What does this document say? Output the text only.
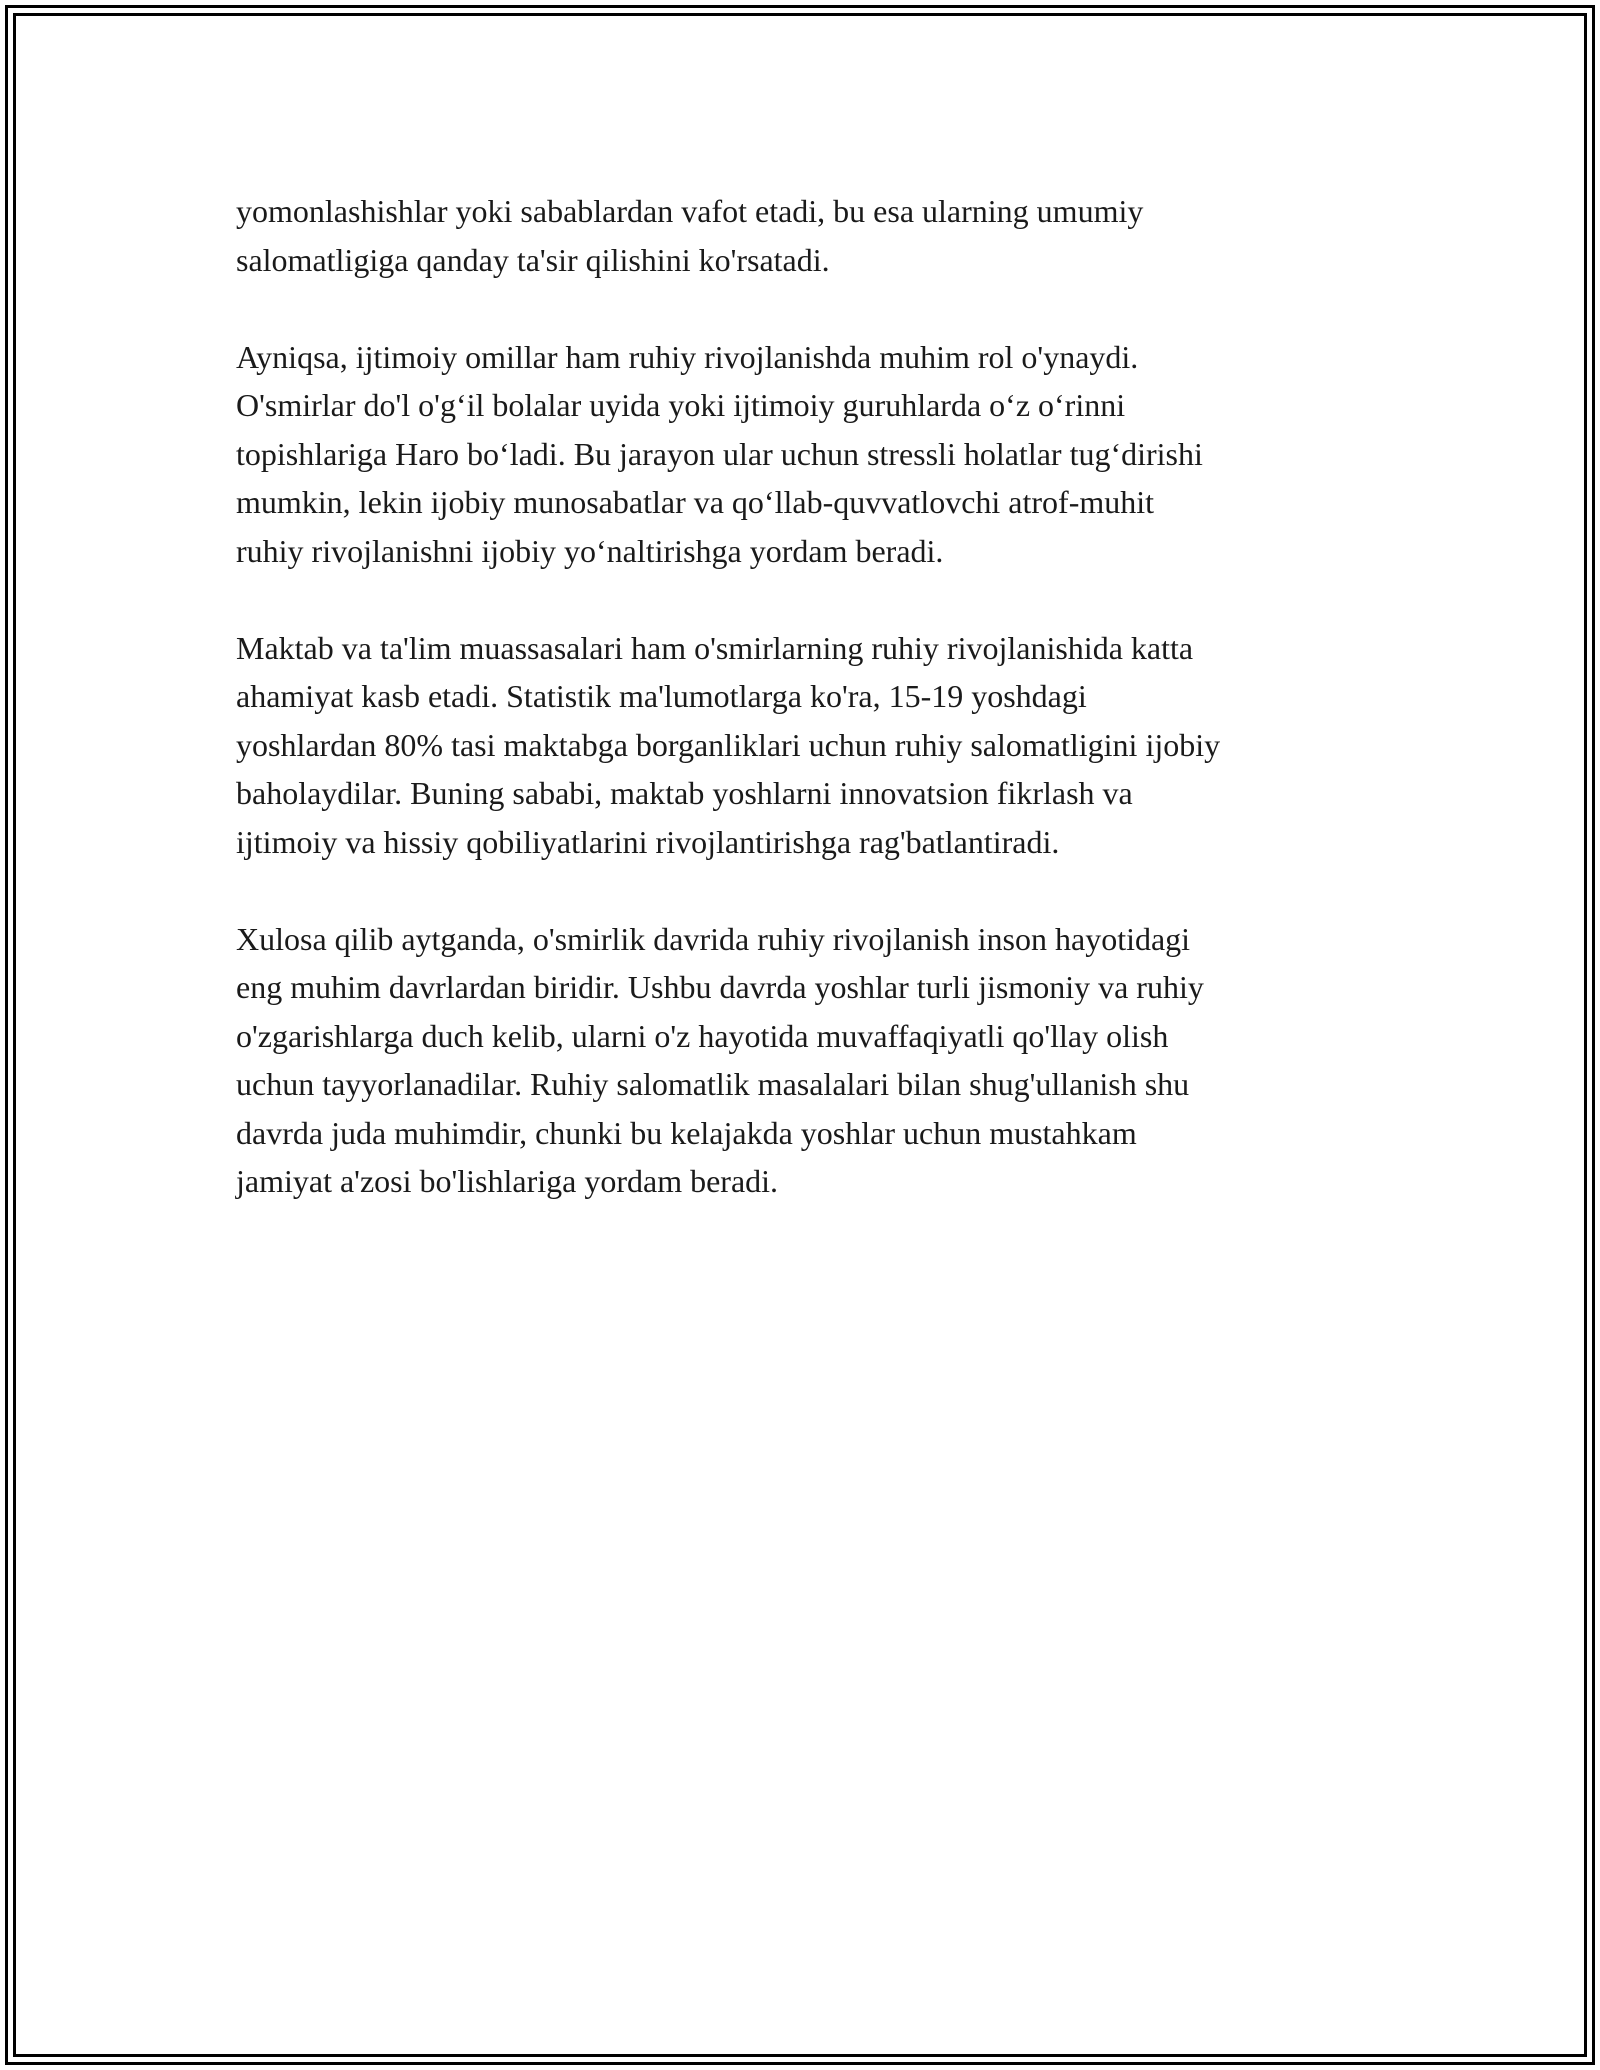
yomonlashishlar yoki sabablardan vafot etadi, bu esa ularning umumiy
salomatligiga qanday ta'sir qilishini ko'rsatadi.

Ayniqsa, ijtimoiy omillar ham ruhiy rivojlanishda muhim rol o'ynaydi.
O'smirlar do'l o'g‘il bolalar uyida yoki ijtimoiy guruhlarda o‘z o‘rinni
topishlariga Haro bo‘ladi. Bu jarayon ular uchun stressli holatlar tug‘dirishi
mumkin, lekin ijobiy munosabatlar va qo‘llab-quvvatlovchi atrof-muhit
ruhiy rivojlanishni ijobiy yo‘naltirishga yordam beradi.

Maktab va ta'lim muassasalari ham o'smirlarning ruhiy rivojlanishida katta
ahamiyat kasb etadi. Statistik ma'lumotlarga ko'ra, 15-19 yoshdagi
yoshlardan 80% tasi maktabga borganliklari uchun ruhiy salomatligini ijobiy
baholaydilar. Buning sababi, maktab yoshlarni innovatsion fikrlash va
ijtimoiy va hissiy qobiliyatlarini rivojlantirishga rag'batlantiradi.

Xulosa qilib aytganda, o'smirlik davrida ruhiy rivojlanish inson hayotidagi
eng muhim davrlardan biridir. Ushbu davrda yoshlar turli jismoniy va ruhiy
o'zgarishlarga duch kelib, ularni o'z hayotida muvaffaqiyatli qo'llay olish
uchun tayyorlanadilar. Ruhiy salomatlik masalalari bilan shug'ullanish shu
davrda juda muhimdir, chunki bu kelajakda yoshlar uchun mustahkam
jamiyat a'zosi bo'lishlariga yordam beradi.
